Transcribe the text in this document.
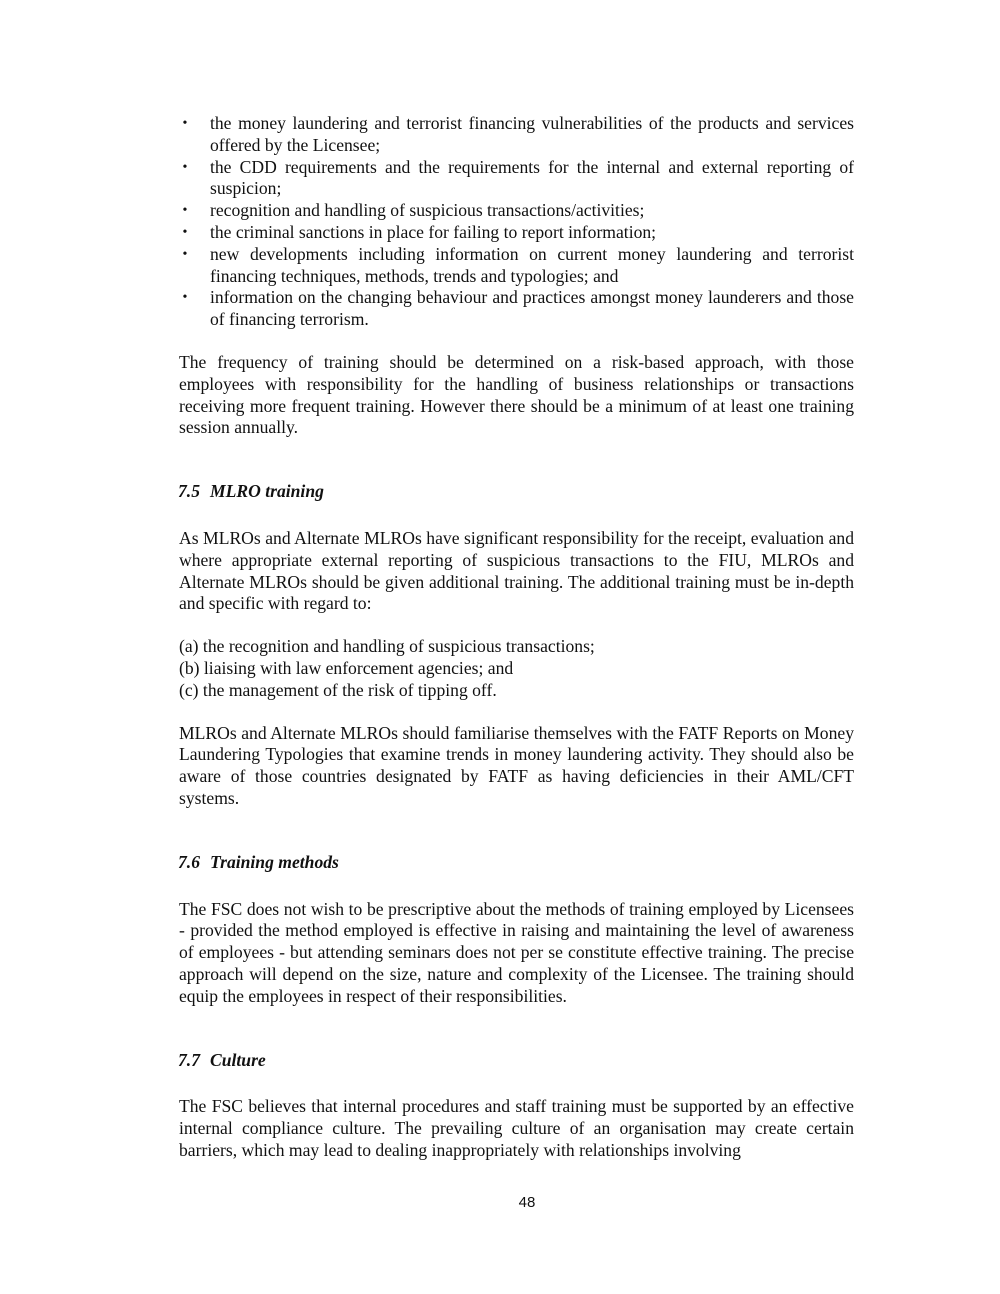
• the money laundering and terrorist financing vulnerabilities of the products and services offered by the Licensee;
• the CDD requirements and the requirements for the internal and external reporting of suspicion;
• recognition and handling of suspicious transactions/activities;
• the criminal sanctions in place for failing to report information;
• new developments including information on current money laundering and terrorist financing techniques, methods, trends and typologies; and
• information on the changing behaviour and practices amongst money launderers and those of financing terrorism.

The frequency of training should be determined on a risk-based approach, with those employees with responsibility for the handling of business relationships or transactions receiving more frequent training. However there should be a minimum of at least one training session annually.

7.5 MLRO training

As MLROs and Alternate MLROs have significant responsibility for the receipt, evaluation and where appropriate external reporting of suspicious transactions to the FIU, MLROs and Alternate MLROs should be given additional training. The additional training must be in-depth and specific with regard to:

(a) the recognition and handling of suspicious transactions;

(b) liaising with law enforcement agencies; and

(c) the management of the risk of tipping off.

MLROs and Alternate MLROs should familiarise themselves with the FATF Reports on Money Laundering Typologies that examine trends in money laundering activity. They should also be aware of those countries designated by FATF as having deficiencies in their AML/CFT systems.

7.6 Training methods

The FSC does not wish to be prescriptive about the methods of training employed by Licensees - provided the method employed is effective in raising and maintaining the level of awareness of employees - but attending seminars does not per se constitute effective training. The precise approach will depend on the size, nature and complexity of the Licensee. The training should equip the employees in respect of their responsibilities.

7.7 Culture

The FSC believes that internal procedures and staff training must be supported by an effective internal compliance culture. The prevailing culture of an organisation may create certain barriers, which may lead to dealing inappropriately with relationships involving

48
